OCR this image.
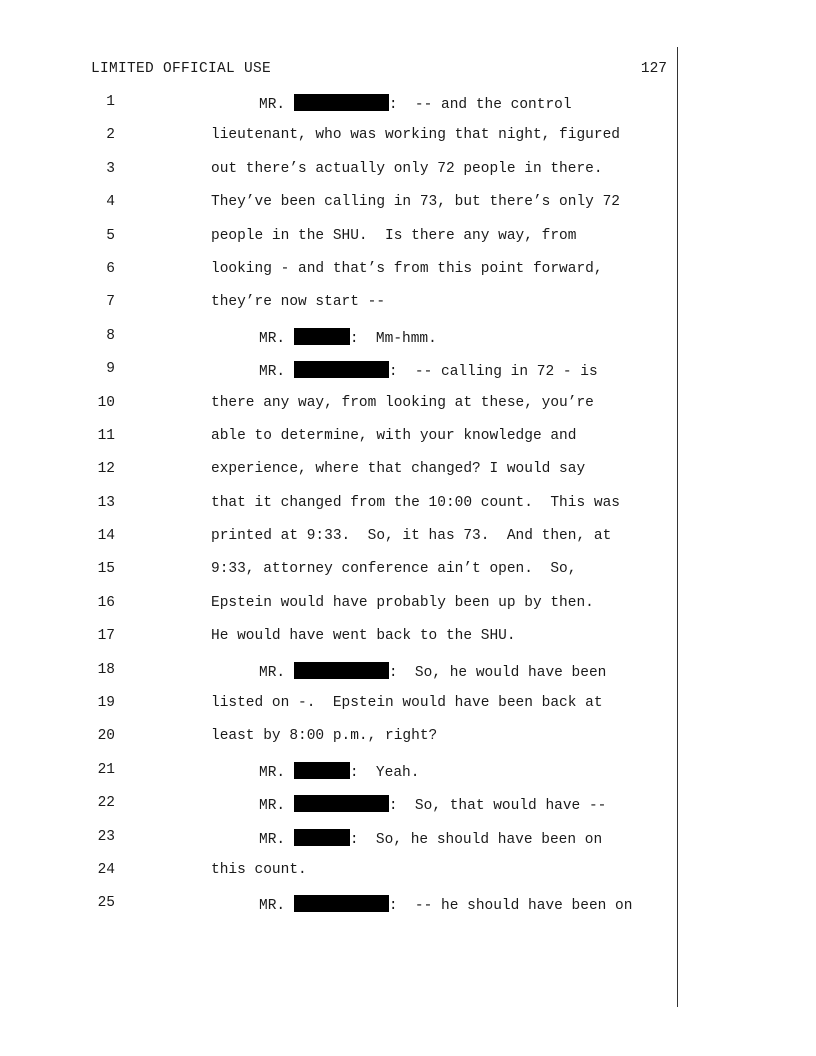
LIMITED OFFICIAL USE	127
1	MR.	:  -- and the control
2	lieutenant, who was working that night, figured
3	out there’s actually only 72 people in there.
4	They’ve been calling in 73, but there’s only 72
5	people in the SHU.  Is there any way, from
6	looking - and that’s from this point forward,
7	they’re now start --
8	MR.	:  Mm-hmm.
9	MR.	:  -- calling in 72 - is
10	there any way, from looking at these, you’re
11	able to determine, with your knowledge and
12	experience, where that changed? I would say
13	that it changed from the 10:00 count.  This was
14	printed at 9:33.  So, it has 73.  And then, at
15	9:33, attorney conference ain’t open.  So,
16	Epstein would have probably been up by then.
17	He would have went back to the SHU.
18	MR.	:  So, he would have been
19	listed on -.  Epstein would have been back at
20	least by 8:00 p.m., right?
21	MR.	:  Yeah.
22	MR.	:  So, that would have --
23	MR.	:  So, he should have been on
24	this count.
25	MR.	:  -- he should have been on
